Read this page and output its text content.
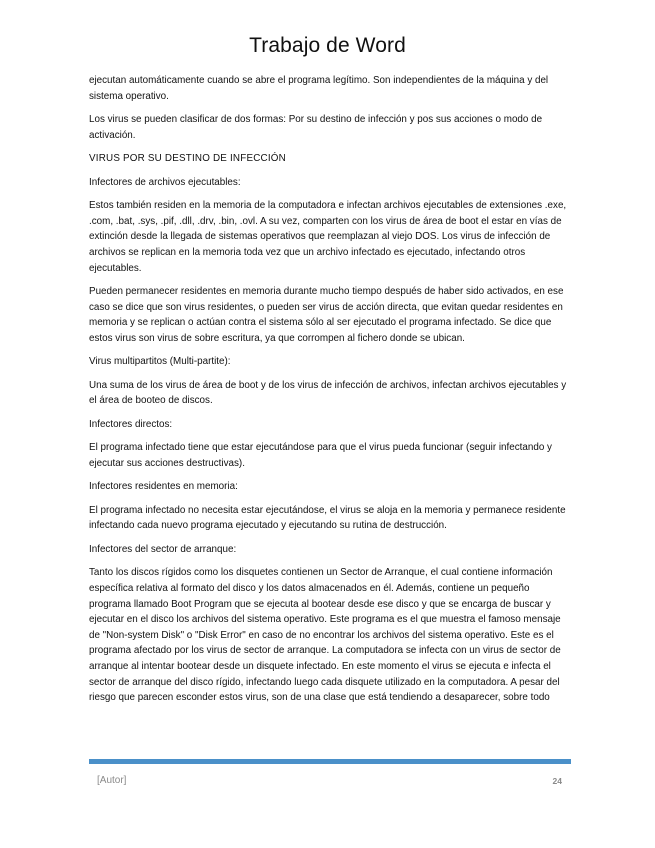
Trabajo de Word

ejecutan automáticamente cuando se abre el programa legítimo. Son independientes de la máquina y del sistema operativo.

Los virus se pueden clasificar de dos formas: Por su destino de infección y pos sus acciones o modo de activación.

VIRUS POR SU DESTINO DE INFECCIÓN

Infectores de archivos ejecutables:

Estos también residen en la memoria de la computadora e infectan archivos ejecutables de extensiones .exe, .com, .bat, .sys, .pif, .dll, .drv, .bin, .ovl. A su vez, comparten con los virus de área de boot el estar en vías de extinción desde la llegada de sistemas operativos que reemplazan al viejo DOS. Los virus de infección de archivos se replican en la memoria toda vez que un archivo infectado es ejecutado, infectando otros ejecutables.

Pueden permanecer residentes en memoria durante mucho tiempo después de haber sido activados, en ese caso se dice que son virus residentes, o pueden ser virus de acción directa, que evitan quedar residentes en memoria y se replican o actúan contra el sistema sólo al ser ejecutado el programa infectado. Se dice que estos virus son virus de sobre escritura, ya que corrompen al fichero donde se ubican.

Virus multipartitos (Multi-partite):

Una suma de los virus de área de boot y de los virus de infección de archivos, infectan archivos ejecutables y el área de booteo de discos.

Infectores directos:

El programa infectado tiene que estar ejecutándose para que el virus pueda funcionar (seguir infectando y ejecutar sus acciones destructivas).

Infectores residentes en memoria:

El programa infectado no necesita estar ejecutándose, el virus se aloja en la memoria y permanece residente infectando cada nuevo programa ejecutado y ejecutando su rutina de destrucción.

Infectores del sector de arranque:

Tanto los discos rígidos como los disquetes contienen un Sector de Arranque, el cual contiene información específica relativa al formato del disco y los datos almacenados en él. Además, contiene un pequeño programa llamado Boot Program que se ejecuta al bootear desde ese disco y que se encarga de buscar y ejecutar en el disco los archivos del sistema operativo. Este programa es el que muestra el famoso mensaje de "Non-system Disk" o "Disk Error" en caso de no encontrar los archivos del sistema operativo. Este es el programa afectado por los virus de sector de arranque. La computadora se infecta con un virus de sector de arranque al intentar bootear desde un disquete infectado. En este momento el virus se ejecuta e infecta el sector de arranque del disco rígido, infectando luego cada disquete utilizado en la computadora. A pesar del riesgo que parecen esconder estos virus, son de una clase que está tendiendo a desaparecer, sobre todo

[Autor]	24
